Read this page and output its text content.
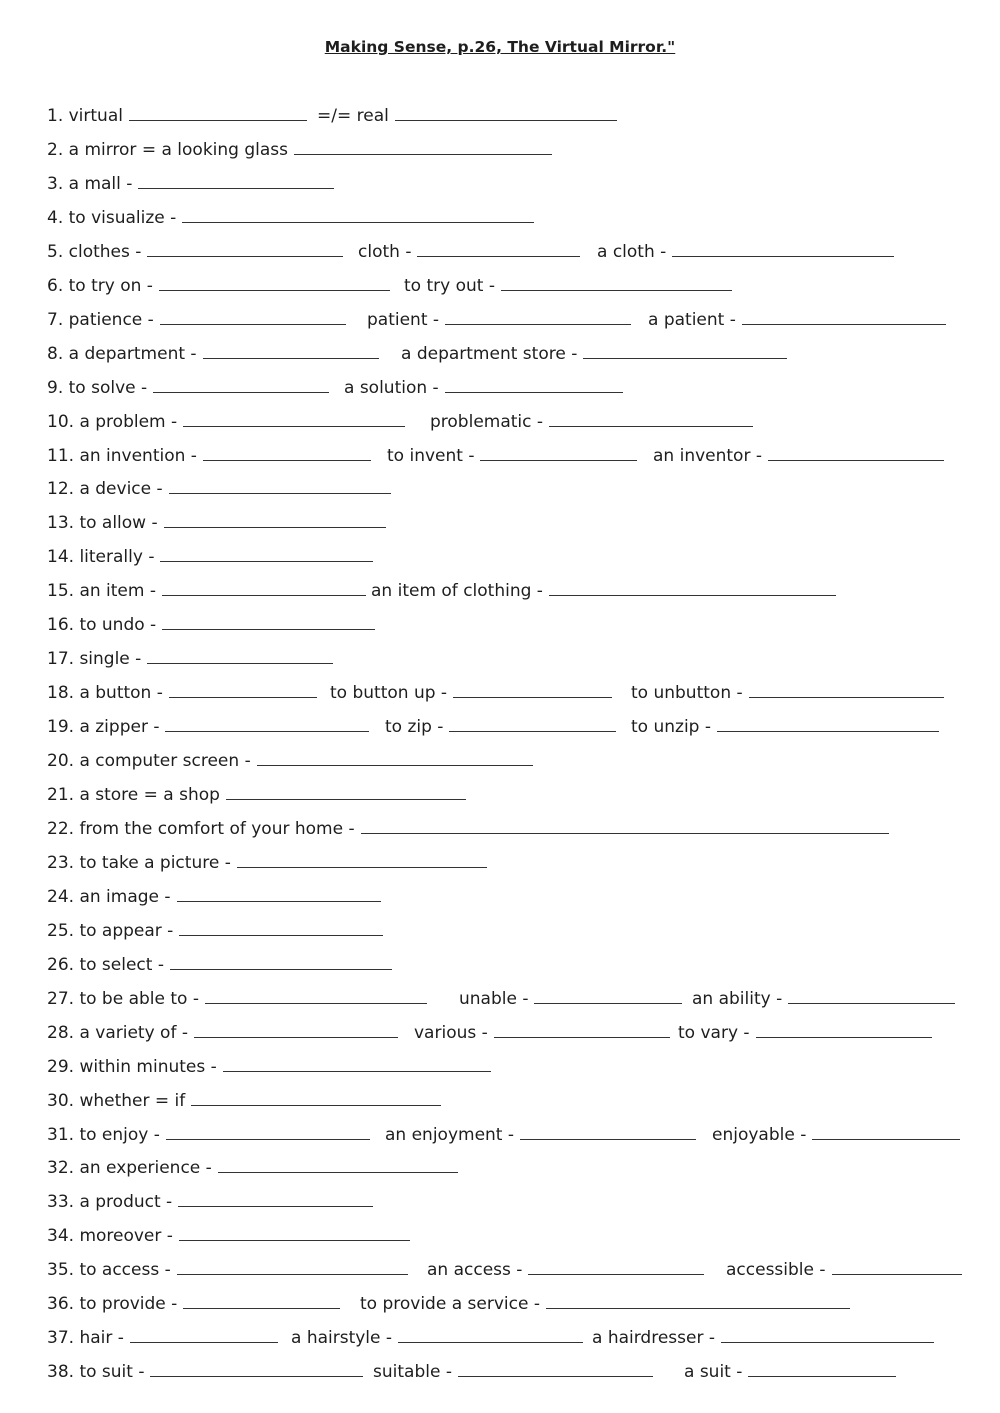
Making Sense, p.26, The Virtual Mirror."
1. virtual	=/= real
2. a mirror = a looking glass
3. a mall -
4. to visualize -
5. clothes -	cloth -	a cloth -
6. to try on -	to try out -
7. patience -	patient -	a patient -
8. a department -	a department store -
9. to solve -	a solution -
10. a problem -	problematic -
11. an invention -	to invent -	an inventor -
12. a device -
13. to allow -
14. literally -
15. an item -	an item of clothing -
16. to undo -
17. single -
18. a button -	to button up -	to unbutton -
19. a zipper -	to zip -	to unzip -
20. a computer screen -
21. a store = a shop
22. from the comfort of your home -
23. to take a picture -
24. an image -
25. to appear -
26. to select -
27. to be able to -	unable -	an ability -
28. a variety of -	various -	to vary -
29. within minutes -
30. whether = if
31. to enjoy -	an enjoyment -	enjoyable -
32. an experience -
33. a product -
34. moreover -
35. to access -	an access -	accessible -
36. to provide -	to provide a service -
37. hair -	a hairstyle -	a hairdresser -
38. to suit -	suitable -	a suit -
